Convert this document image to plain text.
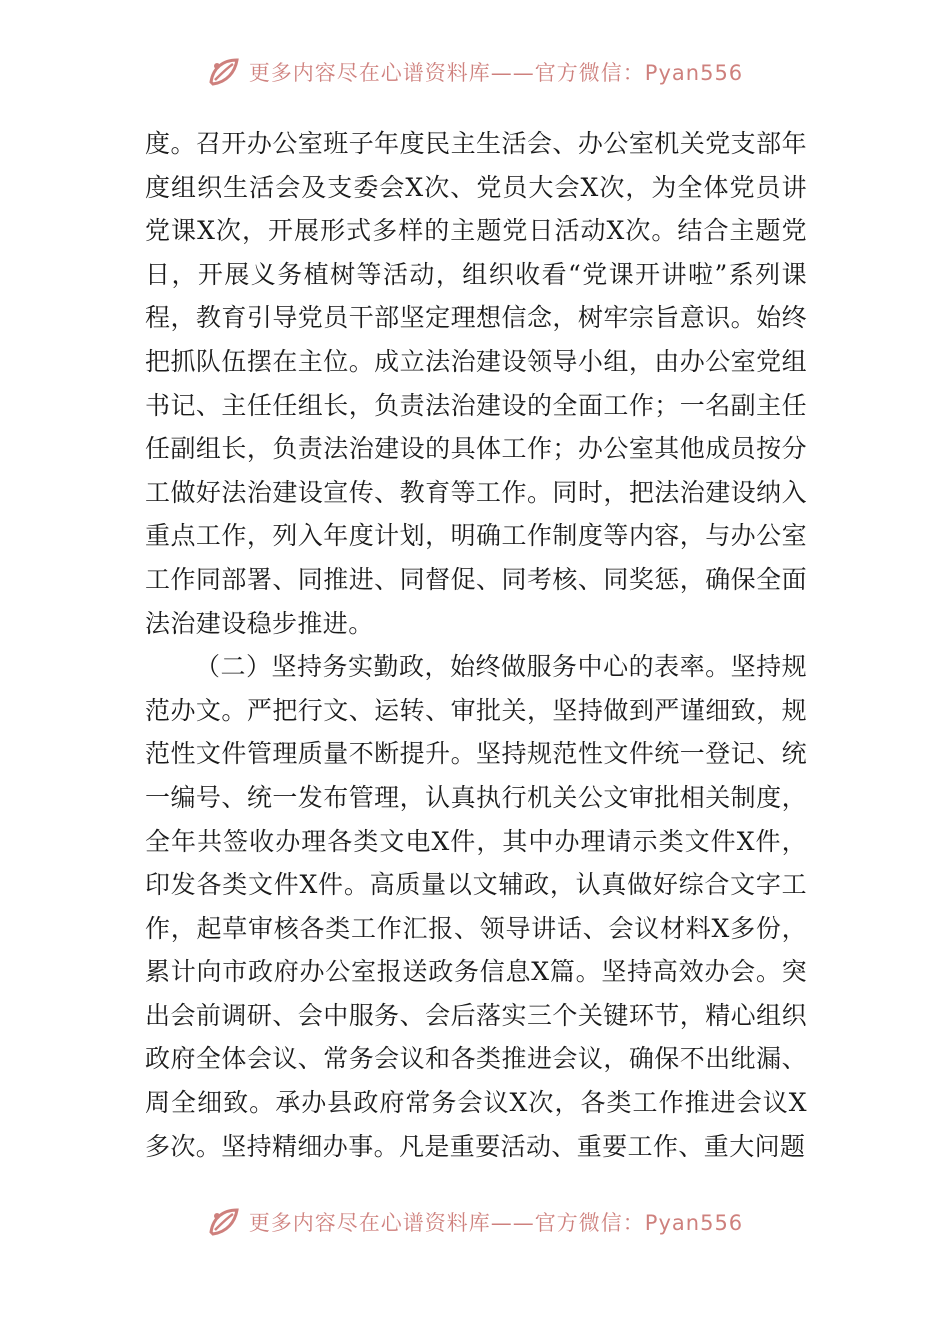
更多内容尽在心谱资料库——官方微信：Pyan556

度。召开办公室班子年度民主生活会、办公室机关党支部年度组织生活会及支委会X次、党员大会X次，为全体党员讲党课X次，开展形式多样的主题党日活动X次。结合主题党日，开展义务植树等活动，组织收看“党课开讲啦”系列课程，教育引导党员干部坚定理想信念，树牢宗旨意识。始终把抓队伍摆在主位。成立法治建设领导小组，由办公室党组书记、主任任组长，负责法治建设的全面工作；一名副主任任副组长，负责法治建设的具体工作；办公室其他成员按分工做好法治建设宣传、教育等工作。同时，把法治建设纳入重点工作，列入年度计划，明确工作制度等内容，与办公室工作同部署、同推进、同督促、同考核、同奖惩，确保全面法治建设稳步推进。

（二）坚持务实勤政，始终做服务中心的表率。坚持规范办文。严把行文、运转、审批关，坚持做到严谨细致，规范性文件管理质量不断提升。坚持规范性文件统一登记、统一编号、统一发布管理，认真执行机关公文审批相关制度，全年共签收办理各类文电X件，其中办理请示类文件X件，印发各类文件X件。高质量以文辅政，认真做好综合文字工作，起草审核各类工作汇报、领导讲话、会议材料X多份，累计向市政府办公室报送政务信息X篇。坚持高效办会。突出会前调研、会中服务、会后落实三个关键环节，精心组织政府全体会议、常务会议和各类推进会议，确保不出纰漏、周全细致。承办县政府常务会议X次，各类工作推进会议X多次。坚持精细办事。凡是重要活动、重要工作、重大问题

更多内容尽在心谱资料库——官方微信：Pyan556
